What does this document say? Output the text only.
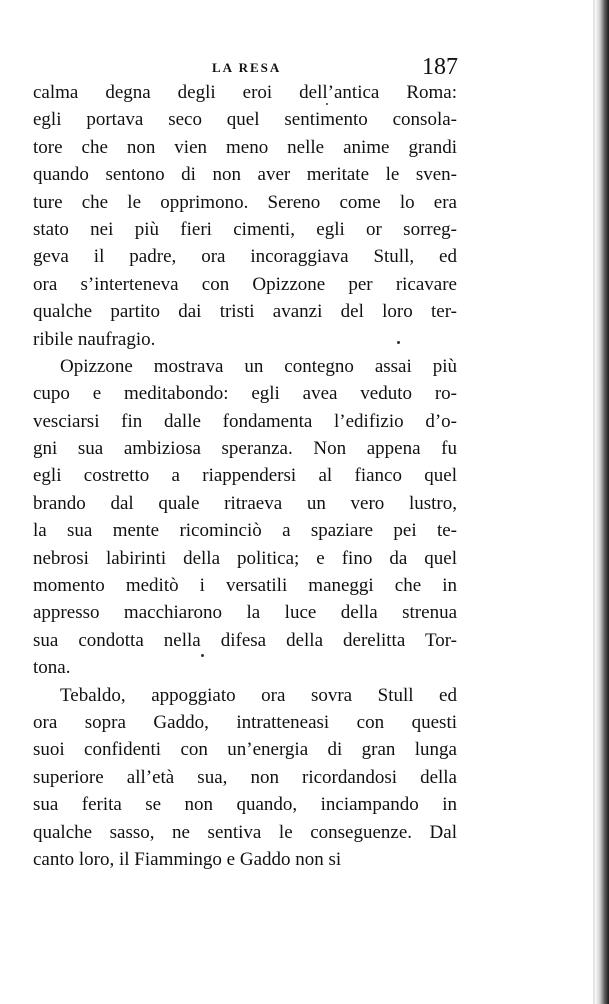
LA RESA	187
calma degna degli eroi dell’antica Roma:
egli portava seco quel sentimento consola-
tore che non vien meno nelle anime grandi
quando sentono di non aver meritate le sven-
ture che le opprimono. Sereno come lo era
stato nei più fieri cimenti, egli or sorreg-
geva il padre, ora incoraggiava Stull, ed
ora s’interteneva con Opizzone per ricavare
qualche partito dai tristi avanzi del loro ter-
ribile naufragio.
Opizzone mostrava un contegno assai più
cupo e meditabondo: egli avea veduto ro-
vesciarsi fin dalle fondamenta l’edifizio d’o-
gni sua ambiziosa speranza. Non appena fu
egli costretto a riappendersi al fianco quel
brando dal quale ritraeva un vero lustro,
la sua mente ricominciò a spaziare pei te-
nebrosi labirinti della politica; e fino da quel
momento meditò i versatili maneggi che in
appresso macchiarono la luce della strenua
sua condotta nella difesa della derelitta Tor-
tona.
Tebaldo, appoggiato ora sovra Stull ed
ora sopra Gaddo, intratteneasi con questi
suoi confidenti con un’energia di gran lunga
superiore all’età sua, non ricordandosi della
sua ferita se non quando, inciampando in
qualche sasso, ne sentiva le conseguenze. Dal
canto loro, il Fiammingo e Gaddo non si
